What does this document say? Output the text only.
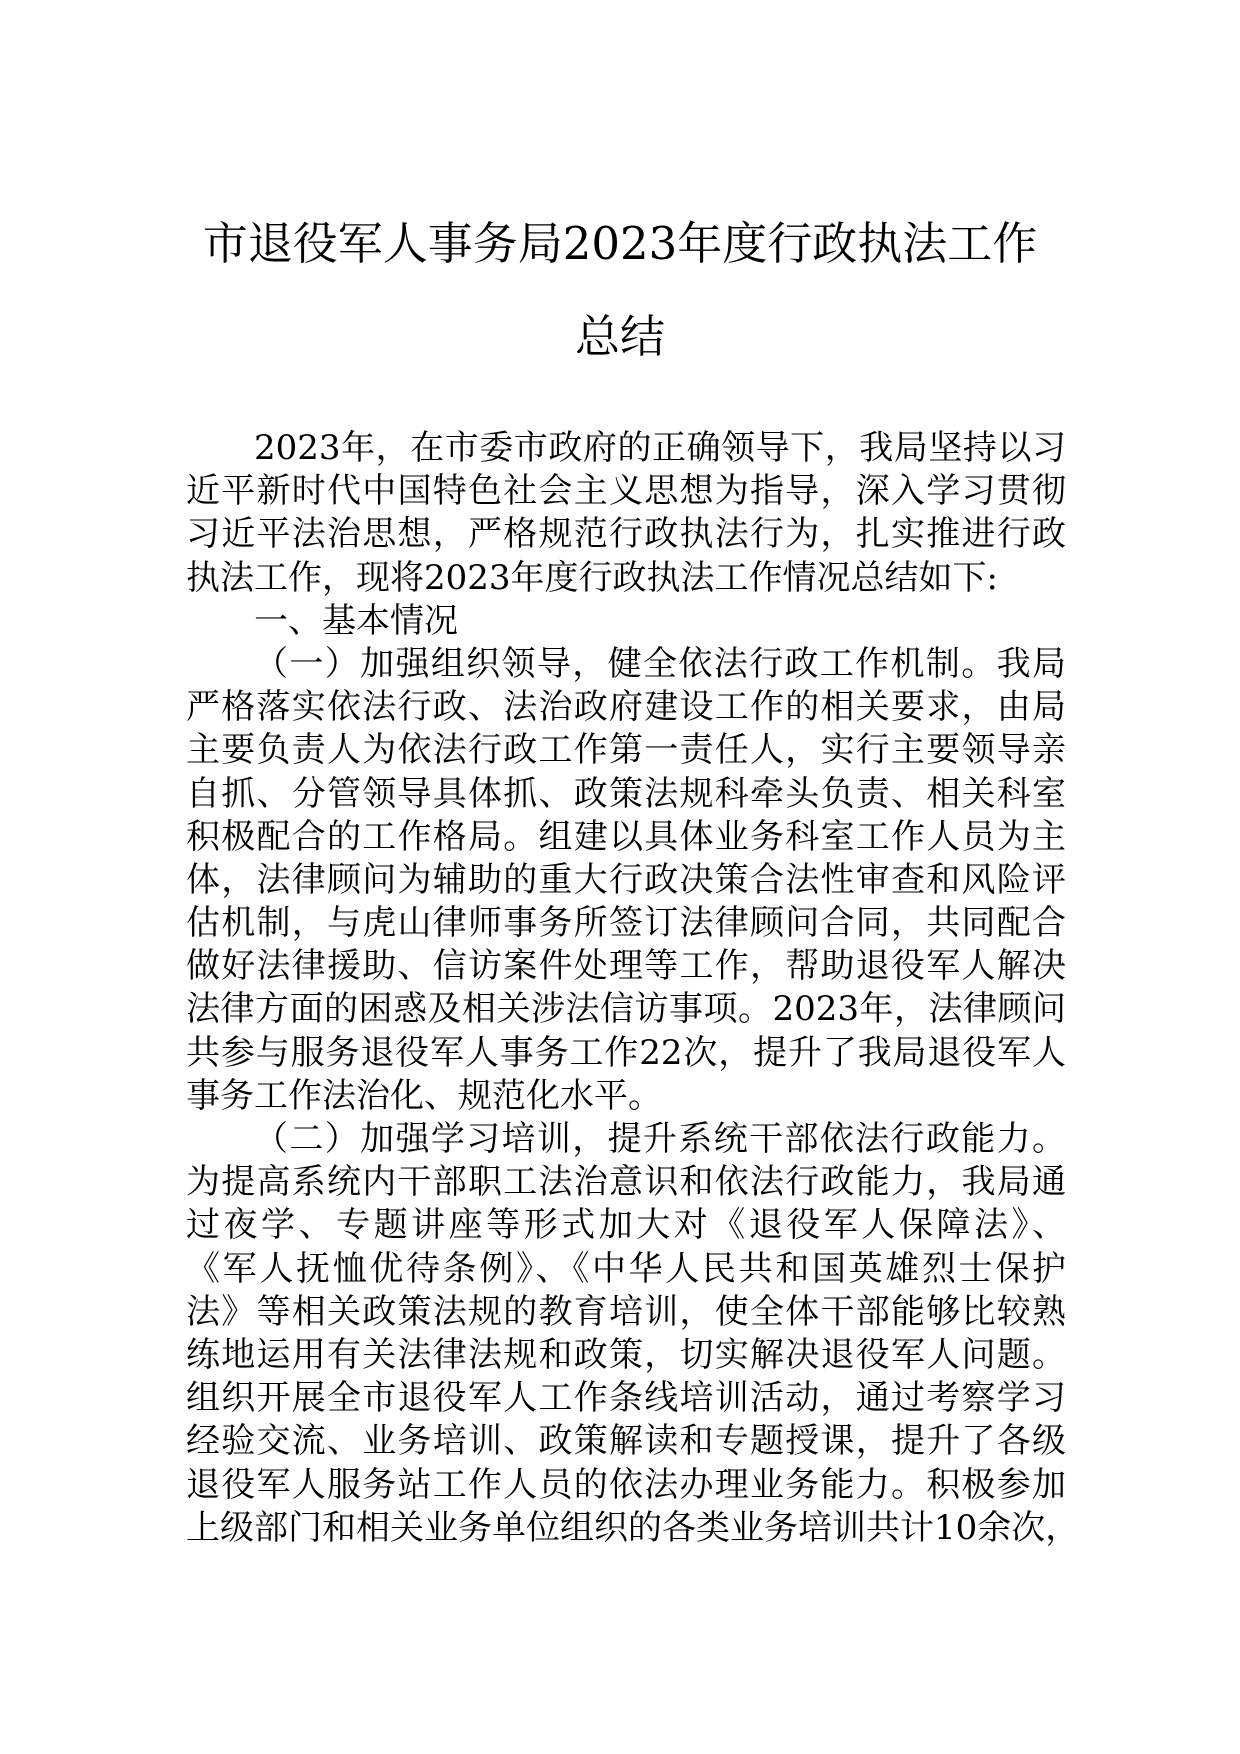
市退役军人事务局2023年度行政执法工作
总结
2023年，在市委市政府的正确领导下，我局坚持以习
近平新时代中国特色社会主义思想为指导，深入学习贯彻
习近平法治思想，严格规范行政执法行为，扎实推进行政
执法工作，现将2023年度行政执法工作情况总结如下:
一、基本情况
（一）加强组织领导，健全依法行政工作机制。我局
严格落实依法行政、法治政府建设工作的相关要求，由局
主要负责人为依法行政工作第一责任人，实行主要领导亲
自抓、分管领导具体抓、政策法规科牵头负责、相关科室
积极配合的工作格局。组建以具体业务科室工作人员为主
体，法律顾问为辅助的重大行政决策合法性审查和风险评
估机制，与虎山律师事务所签订法律顾问合同，共同配合
做好法律援助、信访案件处理等工作，帮助退役军人解决
法律方面的困惑及相关涉法信访事项。2023年，法律顾问
共参与服务退役军人事务工作22次，提升了我局退役军人
事务工作法治化、规范化水平。
（二）加强学习培训，提升系统干部依法行政能力。
为提高系统内干部职工法治意识和依法行政能力，我局通
过夜学、专题讲座等形式加大对《退役军人保障法》、
《军人抚恤优待条例》、《中华人民共和国英雄烈士保护
法》等相关政策法规的教育培训，使全体干部能够比较熟
练地运用有关法律法规和政策，切实解决退役军人问题。
组织开展全市退役军人工作条线培训活动，通过考察学习
经验交流、业务培训、政策解读和专题授课，提升了各级
退役军人服务站工作人员的依法办理业务能力。积极参加
上级部门和相关业务单位组织的各类业务培训共计10余次，
